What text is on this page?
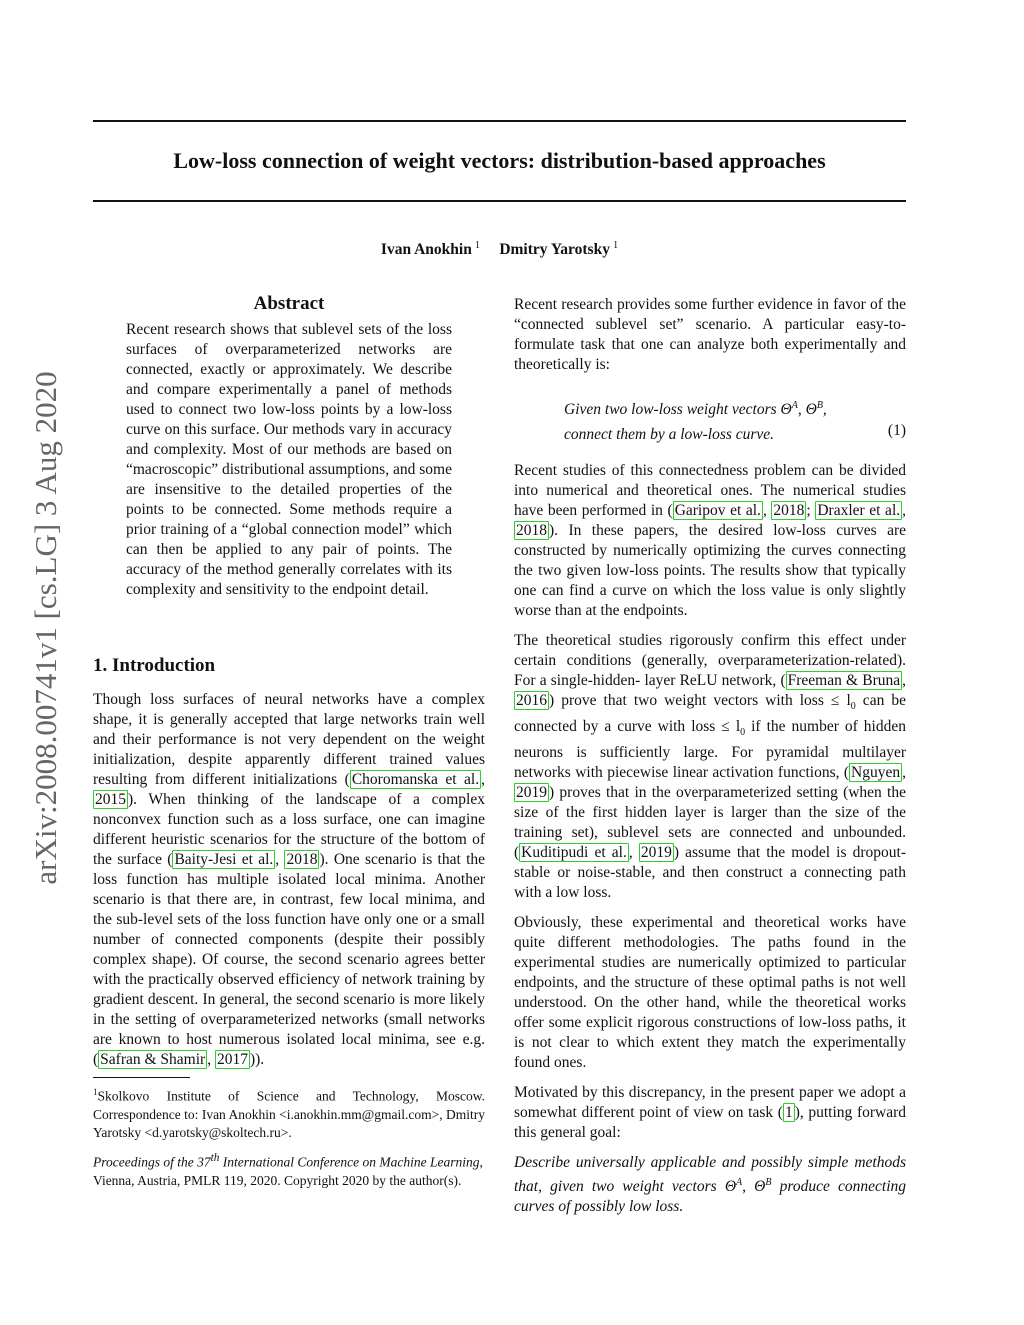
arXiv:2008.00741v1 [cs.LG] 3 Aug 2020
Low-loss connection of weight vectors: distribution-based approaches
Ivan Anokhin  $^1$ Dmitry Yarotsky  $^1$
Abstract

Recent research shows that sublevel sets of the loss surfaces of overparameterized networks are connected, exactly or approximately. We describe and compare experimentally a panel of methods used to connect two low-loss points by a low-loss curve on this surface. Our methods vary in accuracy and complexity. Most of our methods are based on “macroscopic” distributional assumptions, and some are insensitive to the detailed properties of the points to be connected. Some methods require a prior training of a “global connection model” which can then be applied to any pair of points. The accuracy of the method generally correlates with its complexity and sensitivity to the endpoint detail.

1. Introduction

Though loss surfaces of neural networks have a complex shape, it is generally accepted that large networks train well and their performance is not very dependent on the weight initialization, despite apparently different trained values resulting from different initializations ( Choromanska et al. , 2015 ). When thinking of the landscape of a complex nonconvex function such as a loss surface, one can imagine different heuristic scenarios for the structure of the bottom of the surface ( Baity-Jesi et al. , 2018 ). One scenario is that the loss function has multiple isolated local minima. Another scenario is that there are, in contrast, few local minima, and the sub-level sets of the loss function have only one or a small number of connected components (despite their possibly complex shape). Of course, the second scenario agrees better with the practically observed efficiency of network training by gradient descent. In general, the second scenario is more likely in the setting of overparameterized networks (small networks are known to host numerous isolated local minima, see e.g. ( Safran & Shamir , 2017 )).

$^1$Skolkovo Institute of Science and Technology, Moscow. Correspondence to: Ivan Anokhin <i.anokhin.mm@gmail.com>, Dmitry Yarotsky <d.yarotsky@skoltech.ru>.
Proceedings of the 37th International Conference on Machine Learning, Vienna, Austria, PMLR 119, 2020. Copyright 2020 by the author(s).

Recent research provides some further evidence in favor of the “connected sublevel set” scenario. A particular easy-to-formulate task that one can analyze both experimentally and theoretically is:

Given two low-loss weight vectors $\Theta^A$, $\Theta^B$,
connect them by a low-loss curve.	(1)

Recent studies of this connectedness problem can be divided into numerical and theoretical ones. The numerical studies have been performed in ( Garipov et al. , 2018 ; Draxler et al. , 2018 ). In these papers, the desired low-loss curves are constructed by numerically optimizing the curves connecting the two given low-loss points. The results show that typically one can find a curve on which the loss value is only slightly worse than at the endpoints.

The theoretical studies rigorously confirm this effect under certain conditions (generally, overparameterization-related). For a single-hidden- layer ReLU network, ( Freeman & Bruna , 2016 ) prove that two weight vectors with loss ≤ $l_0$ can be connected by a curve with loss ≤ $l_0$ if the number of hidden neurons is sufficiently large. For pyramidal multilayer networks with piecewise linear activation functions, ( Nguyen , 2019 ) proves that in the overparameterized setting (when the size of the first hidden layer is larger than the size of the training set), sublevel sets are connected and unbounded. ( Kuditipudi et al. , 2019 ) assume that the model is dropout-stable or noise-stable, and then construct a connecting path with a low loss.

Obviously, these experimental and theoretical works have quite different methodologies. The paths found in the experimental studies are numerically optimized to particular endpoints, and the structure of these optimal paths is not well understood. On the other hand, while the theoretical works offer some explicit rigorous constructions of low-loss paths, it is not clear to which extent they match the experimentally found ones.

Motivated by this discrepancy, in the present paper we adopt a somewhat different point of view on task ( 1 ), putting forward this general goal:

Describe universally applicable and possibly simple methods that, given two weight vectors $\Theta^A$, $\Theta^B$ produce connecting curves of possibly low loss.
